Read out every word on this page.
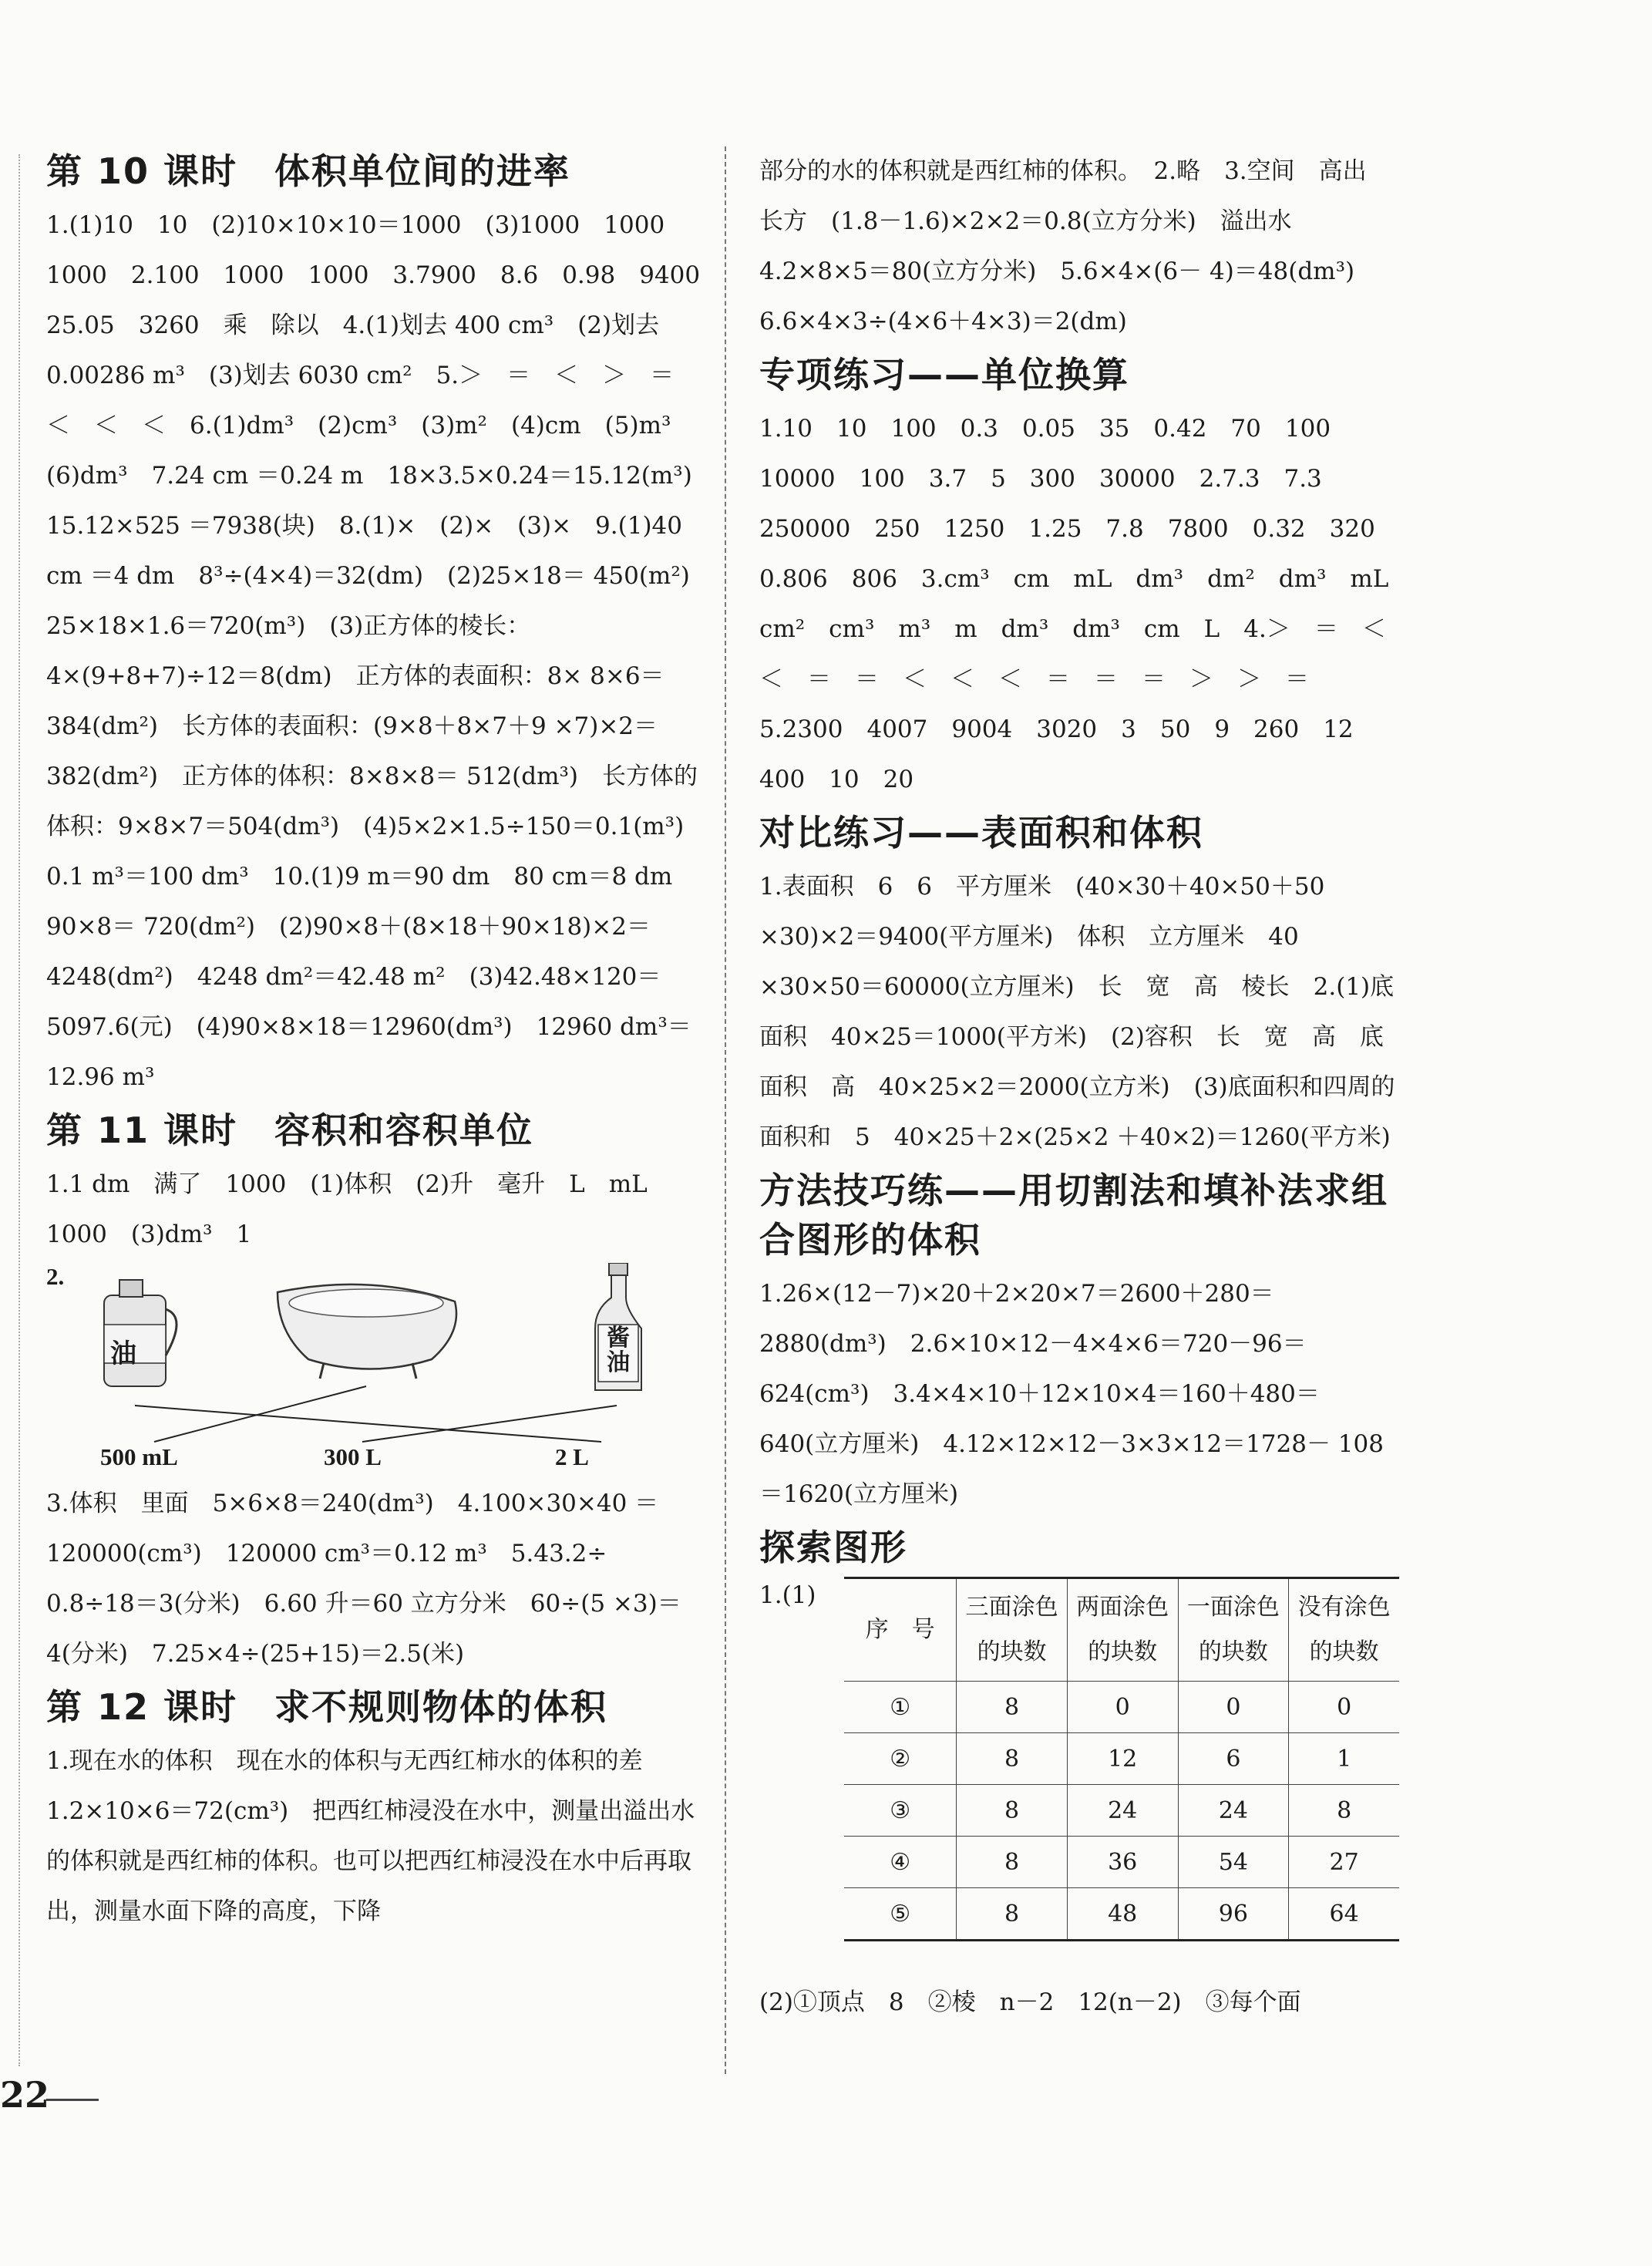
第 10 课时　体积单位间的进率

1.(1)10　10　(2)10×10×10＝1000　(3)1000　1000　1000　2.100　1000　1000　3.7900　8.6　0.98　9400　25.05　3260　乘　除以　4.(1)划去 400 cm³　(2)划去 0.00286 m³　(3)划去 6030 cm²　5.＞　＝　＜　＞　＝　＜　＜　＜　6.(1)dm³　(2)cm³　(3)m²　(4)cm　(5)m³　(6)dm³　7.24 cm ＝0.24 m　18×3.5×0.24＝15.12(m³)　15.12×525 ＝7938(块)　8.(1)×　(2)×　(3)×　9.(1)40 cm ＝4 dm　8³÷(4×4)＝32(dm)　(2)25×18＝ 450(m²)　25×18×1.6＝720(m³)　(3)正方体的棱长：4×(9+8+7)÷12＝8(dm)　正方体的表面积：8× 8×6＝384(dm²)　长方体的表面积：(9×8＋8×7＋9 ×7)×2＝382(dm²)　正方体的体积：8×8×8＝ 512(dm³)　长方体的体积：9×8×7＝504(dm³)　(4)5×2×1.5÷150＝0.1(m³)　0.1 m³＝100 dm³　10.(1)9 m＝90 dm　80 cm＝8 dm　90×8＝ 720(dm²)　(2)90×8＋(8×18＋90×18)×2＝ 4248(dm²)　4248 dm²＝42.48 m²　(3)42.48×120＝ 5097.6(元)　(4)90×8×18＝12960(dm³)　12960 dm³＝12.96 m³

第 11 课时　容积和容积单位

1.1 dm　满了　1000　(1)体积　(2)升　毫升　L　mL　1000　(3)dm³　1

2.
油
酱油
500 mL	300 L	2 L

3.体积　里面　5×6×8＝240(dm³)　4.100×30×40 ＝120000(cm³)　120000 cm³＝0.12 m³　5.43.2÷ 0.8÷18＝3(分米)　6.60 升＝60 立方分米　60÷(5 ×3)＝4(分米)　7.25×4÷(25+15)＝2.5(米)

第 12 课时　求不规则物体的体积

1.现在水的体积　现在水的体积与无西红柿水的体积的差　1.2×10×6＝72(cm³)　把西红柿浸没在水中，测量出溢出水的体积就是西红柿的体积。也可以把西红柿浸没在水中后再取出，测量水面下降的高度，下降

部分的水的体积就是西红柿的体积。　2.略　3.空间　高出　长方　(1.8－1.6)×2×2＝0.8(立方分米)　溢出水　4.2×8×5＝80(立方分米)　5.6×4×(6－ 4)＝48(dm³)　6.6×4×3÷(4×6＋4×3)＝2(dm)

专项练习——单位换算

1.10　10　100　0.3　0.05　35　0.42　70　100　10000　100　3.7　5　300　30000　2.7.3　7.3　250000　250　1250　1.25　7.8　7800　0.32　320　0.806　806　3.cm³　cm　mL　dm³　dm²　dm³　mL　cm²　cm³　m³　m　dm³　dm³　cm　L　4.＞　＝　＜　＜　＝　＝　＜　＜　＜　＝　＝　＝　＞　＞　＝　5.2300　4007　9004　3020　3　50　9　260　12　400　10　20

对比练习——表面积和体积

1.表面积　6　6　平方厘米　(40×30＋40×50＋50 ×30)×2＝9400(平方厘米)　体积　立方厘米　40 ×30×50＝60000(立方厘米)　长　宽　高　棱长　2.(1)底面积　40×25＝1000(平方米)　(2)容积　长　宽　高　底面积　高　40×25×2＝2000(立方米)　(3)底面积和四周的面积和　5　40×25＋2×(25×2 ＋40×2)＝1260(平方米)

方法技巧练——用切割法和填补法求组合图形的体积

1.26×(12－7)×20＋2×20×7＝2600＋280＝ 2880(dm³)　2.6×10×12－4×4×6＝720－96＝ 624(cm³)　3.4×4×10＋12×10×4＝160＋480＝ 640(立方厘米)　4.12×12×12－3×3×12＝1728－ 108＝1620(立方厘米)

探索图形
1.(1)
序　号	三面涂色的块数	两面涂色的块数	一面涂色的块数	没有涂色的块数
①	8	0	0	0
②	8	12	6	1
③	8	24	24	8
④	8	36	54	27
⑤	8	48	96	64

(2)①顶点　8　②棱　n－2　12(n－2)　③每个面

22
